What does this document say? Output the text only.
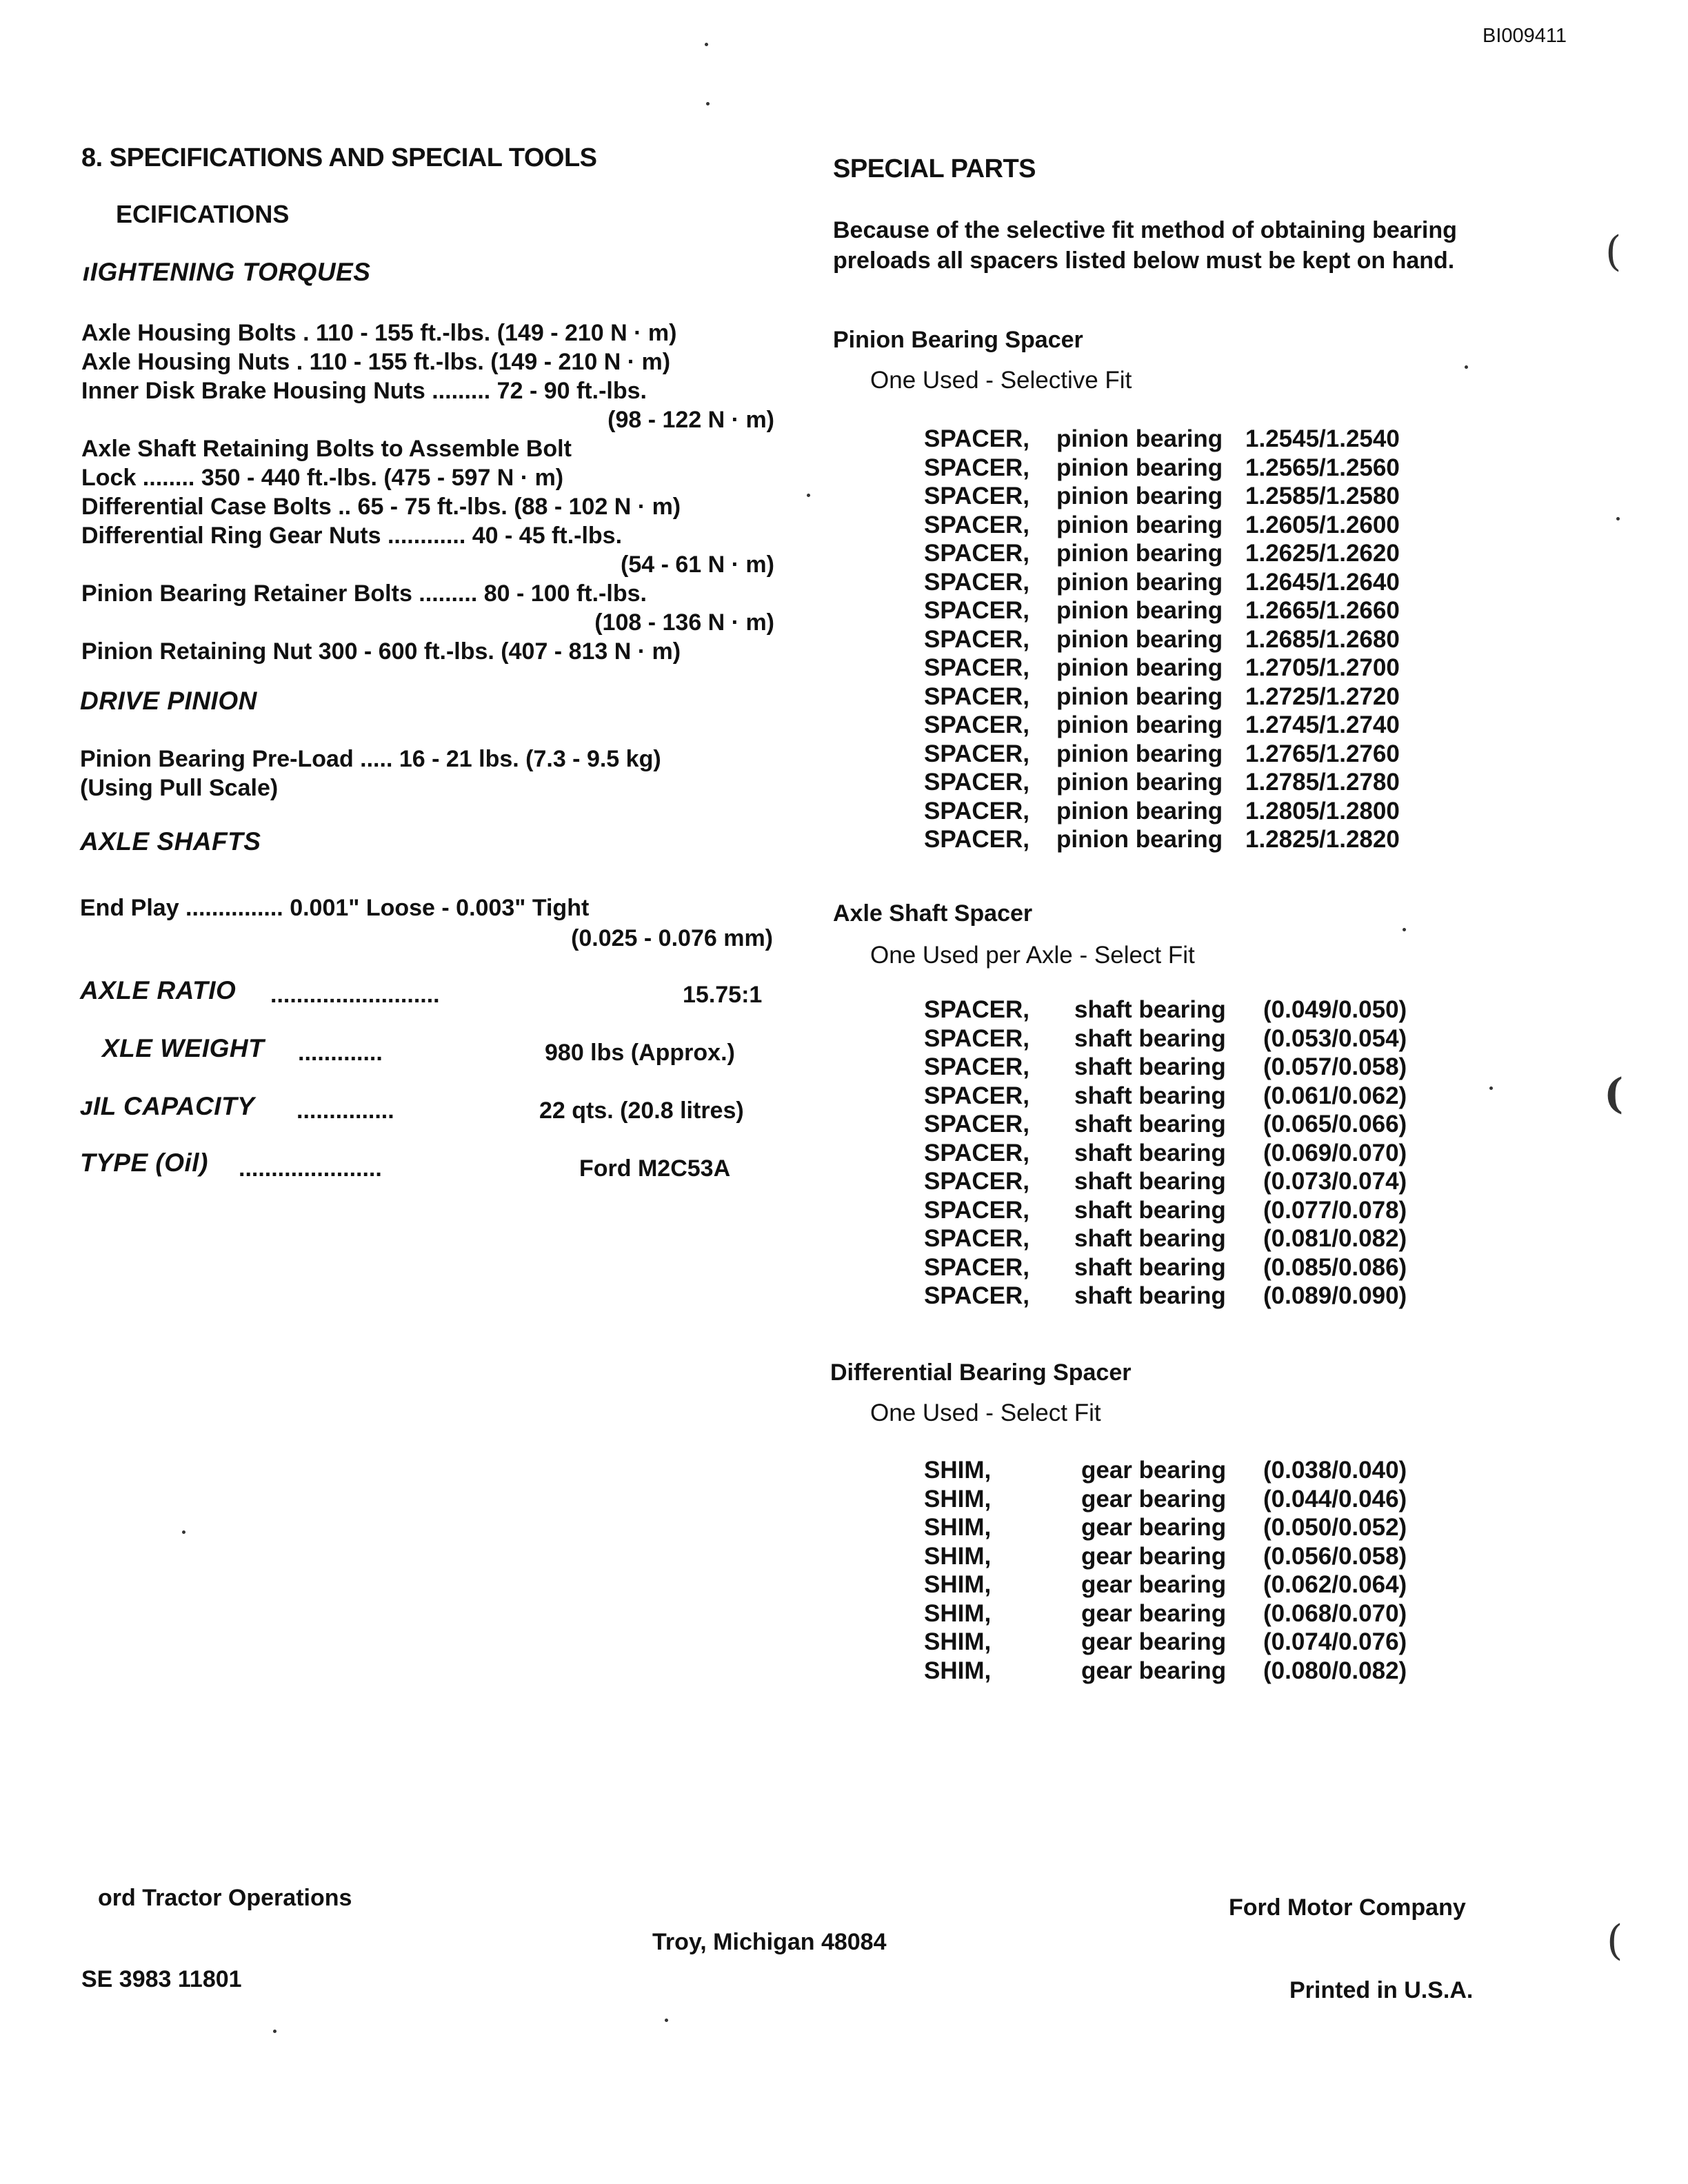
BI009411
8. SPECIFICATIONS AND SPECIAL TOOLS
ECIFICATIONS
ıIGHTENING TORQUES
Axle Housing Bolts . 110 - 155 ft.-lbs. (149 - 210 N · m)
Axle Housing Nuts . 110 - 155 ft.-lbs. (149 - 210 N · m)
Inner Disk Brake Housing Nuts ......... 72 - 90 ft.-lbs.
(98 - 122 N · m)
Axle Shaft Retaining Bolts to Assemble Bolt
Lock ........ 350 - 440 ft.-lbs. (475 - 597 N · m)
Differential Case Bolts .. 65 - 75 ft.-lbs. (88 - 102 N · m)
Differential Ring Gear Nuts ............ 40 - 45 ft.-lbs.
(54 - 61 N · m)
Pinion Bearing Retainer Bolts ......... 80 - 100 ft.-lbs.
(108 - 136 N · m)
Pinion Retaining Nut 300 - 600 ft.-lbs. (407 - 813 N · m)
DRIVE PINION
Pinion Bearing Pre-Load ..... 16 - 21 lbs. (7.3 - 9.5 kg)
(Using Pull Scale)
AXLE SHAFTS
End Play ............... 0.001" Loose - 0.003" Tight
(0.025 - 0.076 mm)
AXLE RATIO ..........................	15.75:1
XLE WEIGHT .............	980 lbs (Approx.)
ᴊIL CAPACITY ...............	22 qts. (20.8 litres)
TYPE (Oil) ......................	Ford M2C53A
SPECIAL PARTS
Because of the selective fit method of obtaining bearing preloads all spacers listed below must be kept on hand.
Pinion Bearing Spacer
One Used - Selective Fit
SPACER,	pinion bearing	1.2545/1.2540
SPACER,	pinion bearing	1.2565/1.2560
SPACER,	pinion bearing	1.2585/1.2580
SPACER,	pinion bearing	1.2605/1.2600
SPACER,	pinion bearing	1.2625/1.2620
SPACER,	pinion bearing	1.2645/1.2640
SPACER,	pinion bearing	1.2665/1.2660
SPACER,	pinion bearing	1.2685/1.2680
SPACER,	pinion bearing	1.2705/1.2700
SPACER,	pinion bearing	1.2725/1.2720
SPACER,	pinion bearing	1.2745/1.2740
SPACER,	pinion bearing	1.2765/1.2760
SPACER,	pinion bearing	1.2785/1.2780
SPACER,	pinion bearing	1.2805/1.2800
SPACER,	pinion bearing	1.2825/1.2820
Axle Shaft Spacer
One Used per Axle - Select Fit
SPACER,	shaft bearing	(0.049/0.050)
SPACER,	shaft bearing	(0.053/0.054)
SPACER,	shaft bearing	(0.057/0.058)
SPACER,	shaft bearing	(0.061/0.062)
SPACER,	shaft bearing	(0.065/0.066)
SPACER,	shaft bearing	(0.069/0.070)
SPACER,	shaft bearing	(0.073/0.074)
SPACER,	shaft bearing	(0.077/0.078)
SPACER,	shaft bearing	(0.081/0.082)
SPACER,	shaft bearing	(0.085/0.086)
SPACER,	shaft bearing	(0.089/0.090)
Differential Bearing Spacer
One Used - Select Fit
SHIM,	gear bearing	(0.038/0.040)
SHIM,	gear bearing	(0.044/0.046)
SHIM,	gear bearing	(0.050/0.052)
SHIM,	gear bearing	(0.056/0.058)
SHIM,	gear bearing	(0.062/0.064)
SHIM,	gear bearing	(0.068/0.070)
SHIM,	gear bearing	(0.074/0.076)
SHIM,	gear bearing	(0.080/0.082)
ord Tractor Operations
SE 3983 11801
Troy, Michigan 48084
Ford Motor Company
Printed in U.S.A.
(
(
(
